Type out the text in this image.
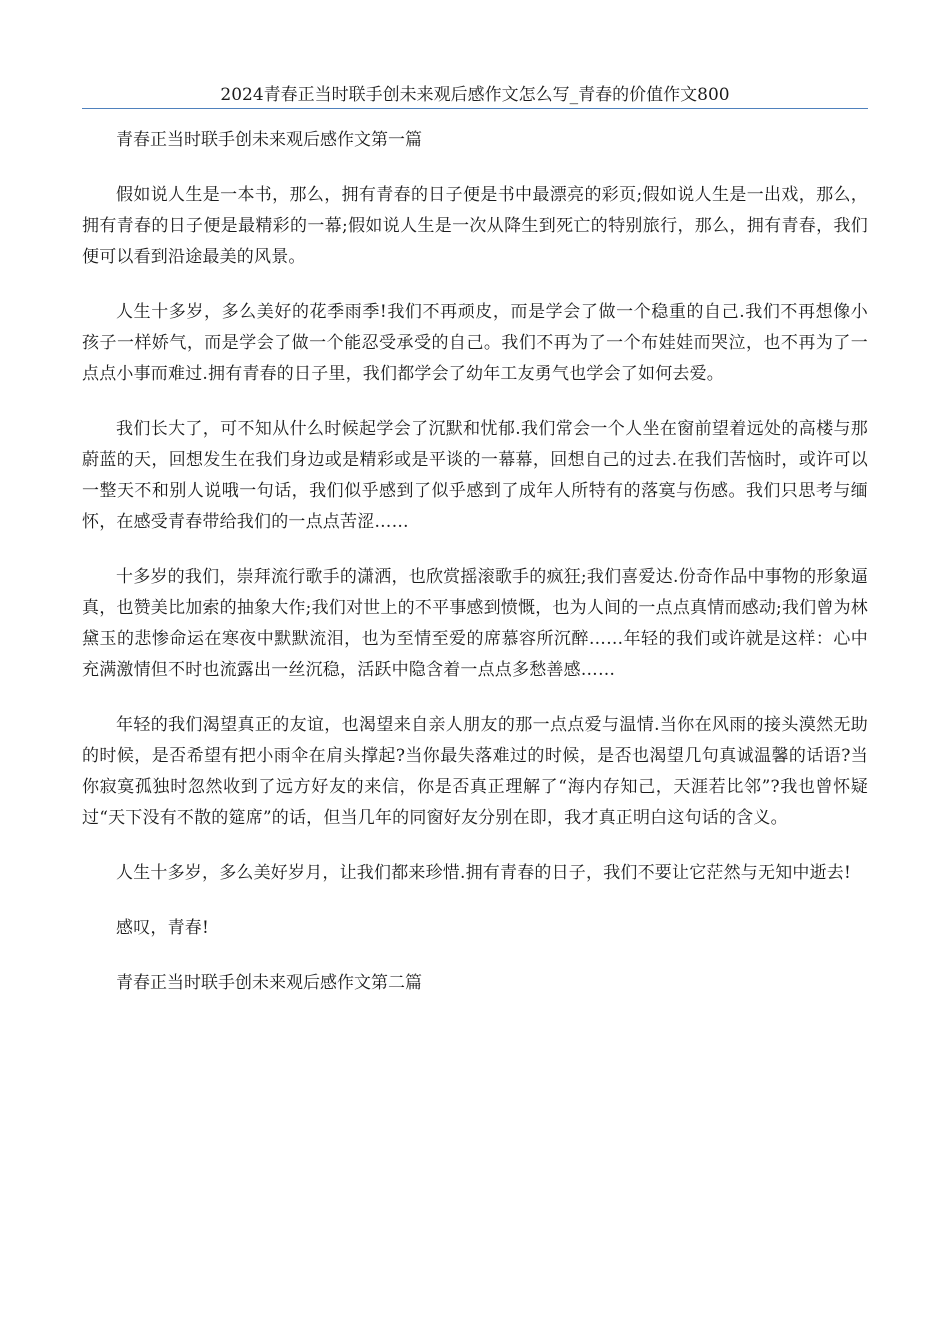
2024青春正当时联手创未来观后感作文怎么写_青春的价值作文800

青春正当时联手创未来观后感作文第一篇

假如说人生是一本书，那么，拥有青春的日子便是书中最漂亮的彩页;假如说人生是一出戏，那么，拥有青春的日子便是最精彩的一幕;假如说人生是一次从降生到死亡的特别旅行，那么，拥有青春，我们便可以看到沿途最美的风景。

人生十多岁，多么美好的花季雨季!我们不再顽皮，而是学会了做一个稳重的自己.我们不再想像小孩子一样娇气，而是学会了做一个能忍受承受的自己。我们不再为了一个布娃娃而哭泣，也不再为了一点点小事而难过.拥有青春的日子里，我们都学会了幼年工友勇气也学会了如何去爱。

我们长大了，可不知从什么时候起学会了沉默和忧郁.我们常会一个人坐在窗前望着远处的高楼与那蔚蓝的天，回想发生在我们身边或是精彩或是平谈的一幕幕，回想自己的过去.在我们苦恼时，或许可以一整天不和别人说哦一句话，我们似乎感到了似乎感到了成年人所特有的落寞与伤感。我们只思考与缅怀，在感受青春带给我们的一点点苦涩……

十多岁的我们，崇拜流行歌手的潇洒，也欣赏摇滚歌手的疯狂;我们喜爱达.份奇作品中事物的形象逼真，也赞美比加索的抽象大作;我们对世上的不平事感到愤慨，也为人间的一点点真情而感动;我们曾为林黛玉的悲惨命运在寒夜中默默流泪，也为至情至爱的席慕容所沉醉……年轻的我们或许就是这样：心中充满激情但不时也流露出一丝沉稳，活跃中隐含着一点点多愁善感……

年轻的我们渴望真正的友谊，也渴望来自亲人朋友的那一点点爱与温情.当你在风雨的接头漠然无助的时候，是否希望有把小雨伞在肩头撑起?当你最失落难过的时候，是否也渴望几句真诚温馨的话语?当你寂寞孤独时忽然收到了远方好友的来信，你是否真正理解了“海内存知己，天涯若比邻”?我也曾怀疑过“天下没有不散的筵席”的话，但当几年的同窗好友分别在即，我才真正明白这句话的含义。

人生十多岁，多么美好岁月，让我们都来珍惜.拥有青春的日子，我们不要让它茫然与无知中逝去!

感叹，青春!

青春正当时联手创未来观后感作文第二篇
